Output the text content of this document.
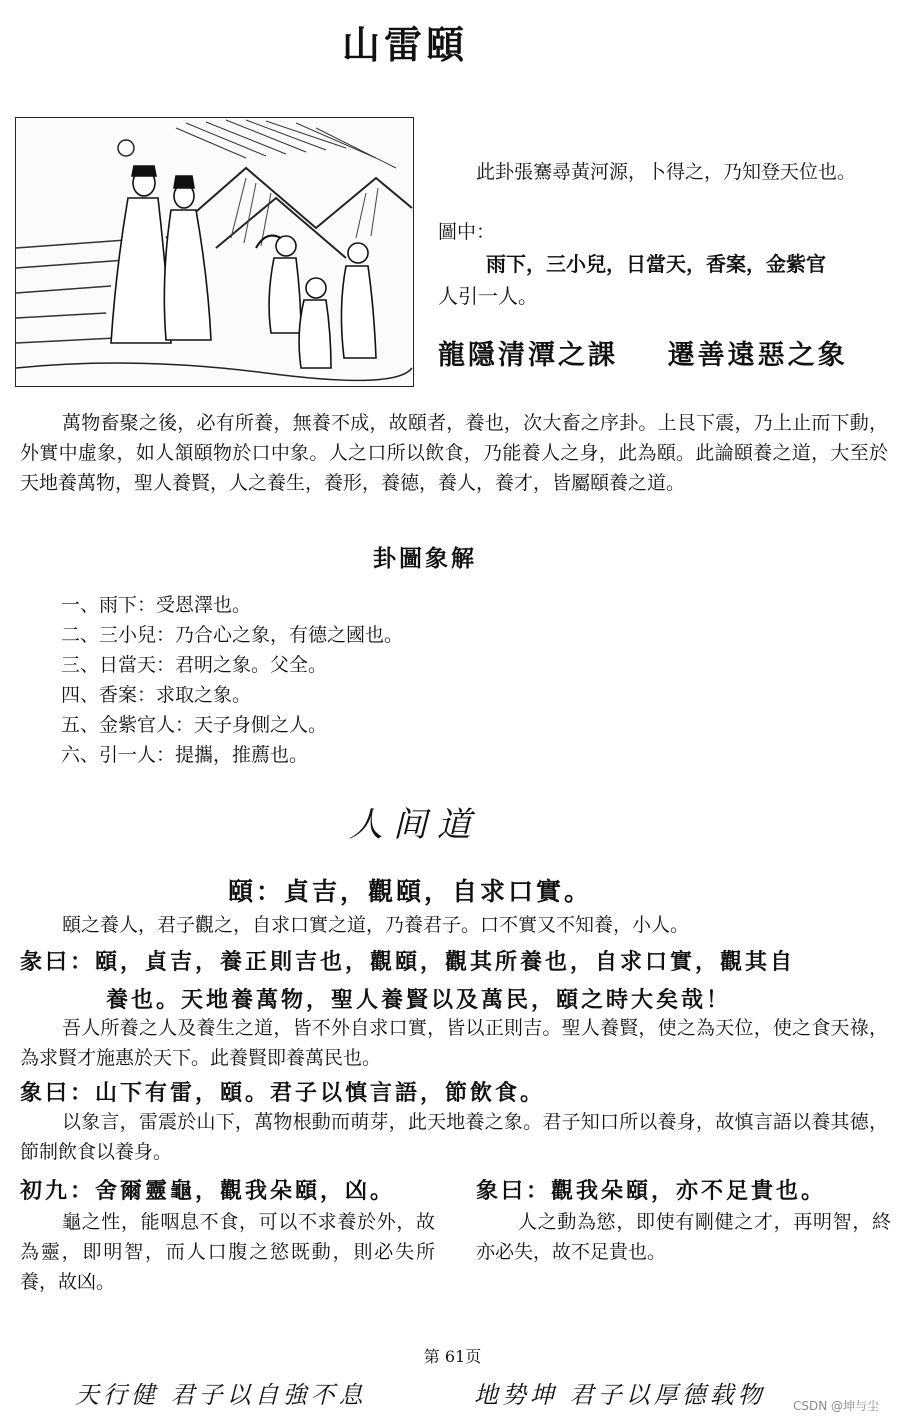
山雷頤
此卦張騫尋黃河源，卜得之，乃知登天位也。
圖中：
雨下，三小兒，日當天，香案，金紫官
人引一人。
龍隱清潭之課    遷善遠惡之象
萬物畜聚之後，必有所養，無養不成，故頤者，養也，次大畜之序卦。上艮下震，乃上止而下動，外實中虛象，如人頷頤物於口中象。人之口所以飲食，乃能養人之身，此為頤。此論頤養之道，大至於天地養萬物，聖人養賢，人之養生，養形，養德，養人，養才，皆屬頤養之道。
卦圖象解
一、雨下：受恩澤也。
二、三小兒：乃合心之象，有德之國也。
三、日當天：君明之象。父全。
四、香案：求取之象。
五、金紫官人：天子身側之人。
六、引一人：提攜，推薦也。
人间道
頤：貞吉，觀頤，自求口實。
頤之養人，君子觀之，自求口實之道，乃養君子。口不實又不知養，小人。
彖曰：頤，貞吉，養正則吉也，觀頤，觀其所養也，自求口實，觀其自
養也。天地養萬物，聖人養賢以及萬民，頤之時大矣哉！
吾人所養之人及養生之道，皆不外自求口實，皆以正則吉。聖人養賢，使之為天位，使之食天祿，為求賢才施惠於天下。此養賢即養萬民也。
象曰：山下有雷，頤。君子以慎言語，節飲食。
以象言，雷震於山下，萬物根動而萌芽，此天地養之象。君子知口所以養身，故慎言語以養其德，節制飲食以養身。
初九：舍爾靈龜，觀我朵頤，凶。	象曰：觀我朵頤，亦不足貴也。
龜之性，能咽息不食，可以不求養於外，故為靈，即明智，而人口腹之慾既動，則必失所養，故凶。
人之動為慾，即使有剛健之才，再明智，終亦必失，故不足貴也。
第 61页
天行健 君子以自強不息	地势坤 君子以厚德载物 CSDN @坤与尘
